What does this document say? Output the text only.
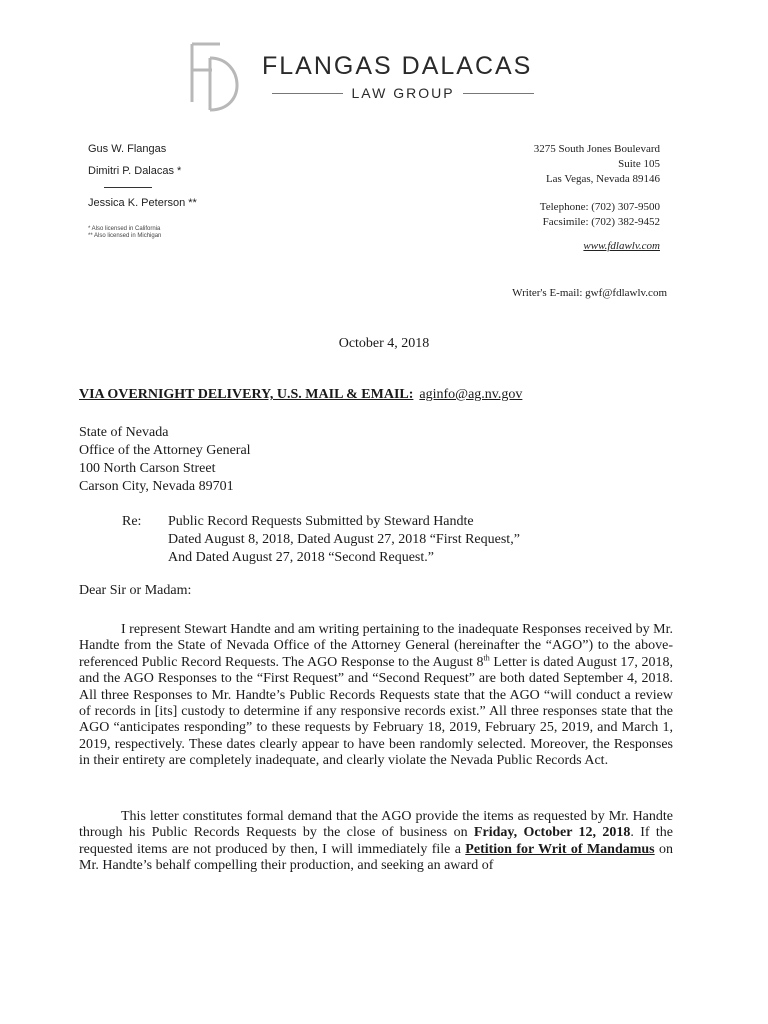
FLANGAS DALACAS
LAW GROUP
Gus W. Flangas
Dimitri P. Dalacas *
Jessica K. Peterson **
* Also licensed in California
** Also licensed in Michigan
3275 South Jones Boulevard
Suite 105
Las Vegas, Nevada 89146
Telephone: (702) 307-9500
Facsimile: (702) 382-9452
www.fdlawlv.com
Writer's E-mail: gwf@fdlawlv.com
October 4, 2018
VIA OVERNIGHT DELIVERY, U.S. MAIL & EMAIL: aginfo@ag.nv.gov
State of Nevada
Office of the Attorney General
100 North Carson Street
Carson City, Nevada 89701
Re: Public Record Requests Submitted by Steward Handte
Dated August 8, 2018, Dated August 27, 2018 “First Request,”
And Dated August 27, 2018 “Second Request.”
Dear Sir or Madam:

I represent Stewart Handte and am writing pertaining to the inadequate Responses received by Mr. Handte from the State of Nevada Office of the Attorney General (hereinafter the “AGO”) to the above-referenced Public Record Requests. The AGO Response to the August 8th Letter is dated August 17, 2018, and the AGO Responses to the “First Request” and “Second Request” are both dated September 4, 2018. All three Responses to Mr. Handte’s Public Records Requests state that the AGO “will conduct a review of records in [its] custody to determine if any responsive records exist.” All three responses state that the AGO “anticipates responding” to these requests by February 18, 2019, February 25, 2019, and March 1, 2019, respectively. These dates clearly appear to have been randomly selected. Moreover, the Responses in their entirety are completely inadequate, and clearly violate the Nevada Public Records Act.

This letter constitutes formal demand that the AGO provide the items as requested by Mr. Handte through his Public Records Requests by the close of business on Friday, October 12, 2018. If the requested items are not produced by then, I will immediately file a Petition for Writ of Mandamus on Mr. Handte’s behalf compelling their production, and seeking an award of
